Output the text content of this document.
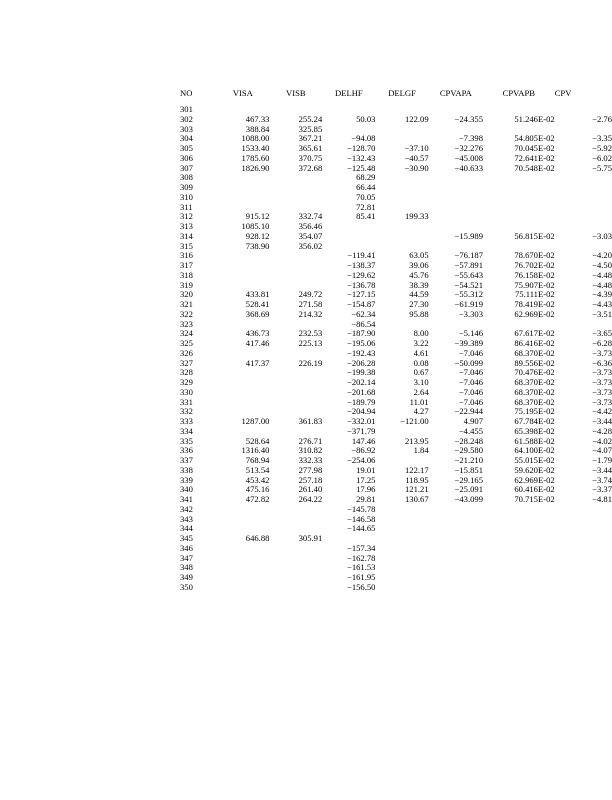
NO	VISA	VISB	DELHF	DELGF	CPVAPA	CPVAPB	CPV
301							
302	467.33	255.24	50.03	122.09	−24.355	51.246E-02	−2.76
303	388.84	325.85					
304	1088.00	367.21	−94.08		−7.398	54.805E-02	−3.35
305	1533.40	365.61	−128.70	−37.10	−32.276	70.045E-02	−5.92
306	1785.60	370.75	−132.43	−40.57	−45.008	72.641E-02	−6.02
307	1826.90	372.68	−125.48	−30.90	−40.633	70.548E-02	−5.75
308			68.29				
309			66.44				
310			70.05				
311			72.81				
312	915.12	332.74	85.41	199.33			
313	1085.10	356.46					
314	928.12	354.07			−15.989	56.815E-02	−3.03
315	738.90	356.02					
316			−119.41	63.05	−76.187	78.670E-02	−4.20
317			−138.37	39.06	−57.891	76.702E-02	−4.50
318			−129.62	45.76	−55.643	76.158E-02	−4.48
319			−136.78	38.39	−54.521	75.907E-02	−4.48
320	433.81	249.72	−127.15	44.59	−55.312	75.111E-02	−4.39
321	528.41	271.58	−154.87	27.30	−61.919	78.419E-02	−4.43
322	368.69	214.32	−62.34	95.88	−3.303	62.969E-02	−3.51
323			−86.54				
324	436.73	232.53	−187.90	8.00	−5.146	67.617E-02	−3.65
325	417.46	225.13	−195.06	3.22	−39.389	86.416E-02	−6.28
326			−192.43	4.61	−7.046	68.370E-02	−3.73
327	417.37	226.19	−206.28	0.08	−50.099	89.556E-02	−6.36
328			−199.38	0.67	−7.046	70.476E-02	−3.73
329			−202.14	3.10	−7.046	68.370E-02	−3.73
330			−201.68	2.64	−7.046	68.370E-02	−3.73
331			−189.79	11.01	−7.046	68.370E-02	−3.73
332			−204.94	4.27	−22.944	75.195E-02	−4.42
333	1287.00	361.83	−332.01	−121.00	4.907	67.784E-02	−3.44
334			−371.79		−4.455	65.398E-02	−4.28
335	528.64	276.71	147.46	213.95	−28.248	61.588E-02	−4.02
336	1316.40	310.82	−86.92	1.84	−29.580	64.100E-02	−4.07
337	768.94	332.33	−254.06		−21.210	55.015E-02	−1.79
338	513.54	277.98	19.01	122.17	−15.851	59.620E-02	−3.44
339	453.42	257.18	17.25	118.95	−29.165	62.969E-02	−3.74
340	475.16	261.40	17.96	121.21	−25.091	60.416E-02	−3.37
341	472.82	264.22	29.81	130.67	−43.099	70.715E-02	−4.81
342			−145.78				
343			−146.58				
344			−144.65				
345	646.88	305.91					
346			−157.34				
347			−162.78				
348			−161.53				
349			−161.95				
350			−156.50				
